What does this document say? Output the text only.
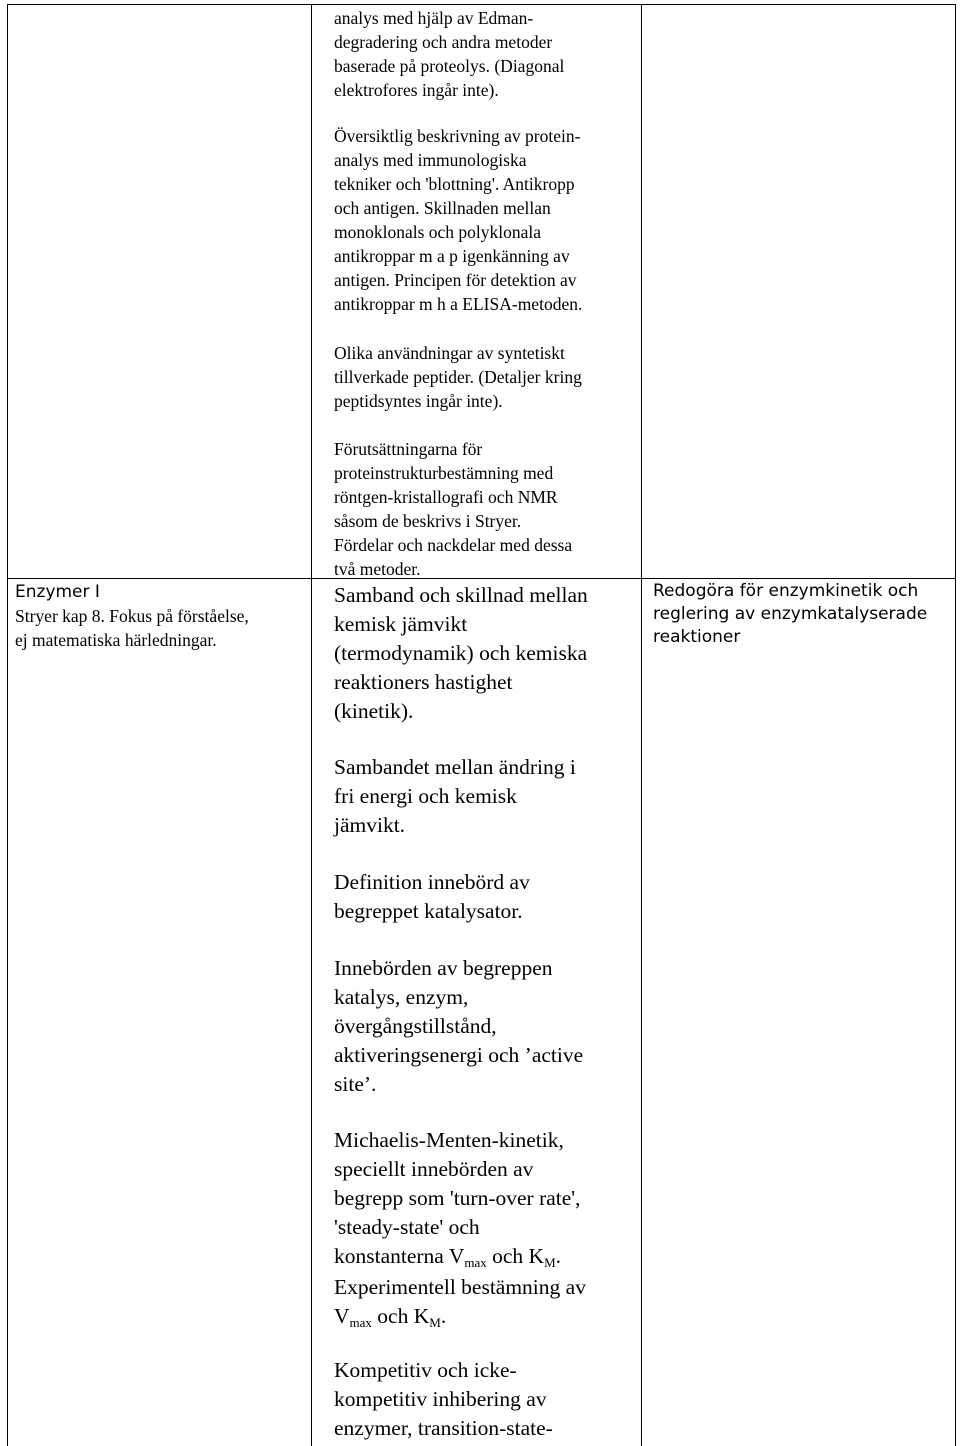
analys med hjälp av Edman-
degradering och andra metoder
baserade på proteolys. (Diagonal
elektrofores ingår inte).
Översiktlig beskrivning av protein-
analys med immunologiska
tekniker och 'blottning'. Antikropp
och antigen. Skillnaden mellan
monoklonals och polyklonala
antikroppar m a p igenkänning av
antigen. Principen för detektion av
antikroppar m h a ELISA-metoden.
Olika användningar av syntetiskt
tillverkade peptider. (Detaljer kring
peptidsyntes ingår inte).
Förutsättningarna för
proteinstrukturbestämning med
röntgen-kristallografi och NMR
såsom de beskrivs i Stryer.
Fördelar och nackdelar med dessa
två metoder.
Enzymer I
Stryer kap 8. Fokus på förståelse,
ej matematiska härledningar.
Samband och skillnad mellan
kemisk jämvikt
(termodynamik) och kemiska
reaktioners hastighet
(kinetik).
Sambandet mellan ändring i
fri energi och kemisk
jämvikt.
Definition innebörd av
begreppet katalysator.
Innebörden av begreppen
katalys, enzym,
övergångstillstånd,
aktiveringsenergi och ’active
site’.
Michaelis-Menten-kinetik,
speciellt innebörden av
begrepp som 'turn-over rate',
'steady-state' och
konstanterna Vmax och KM.
Experimentell bestämning av
Vmax och KM.
Kompetitiv och icke-
kompetitiv inhibering av
enzymer, transition-state-
Redogöra för enzymkinetik och
reglering av enzymkatalyserade
reaktioner
